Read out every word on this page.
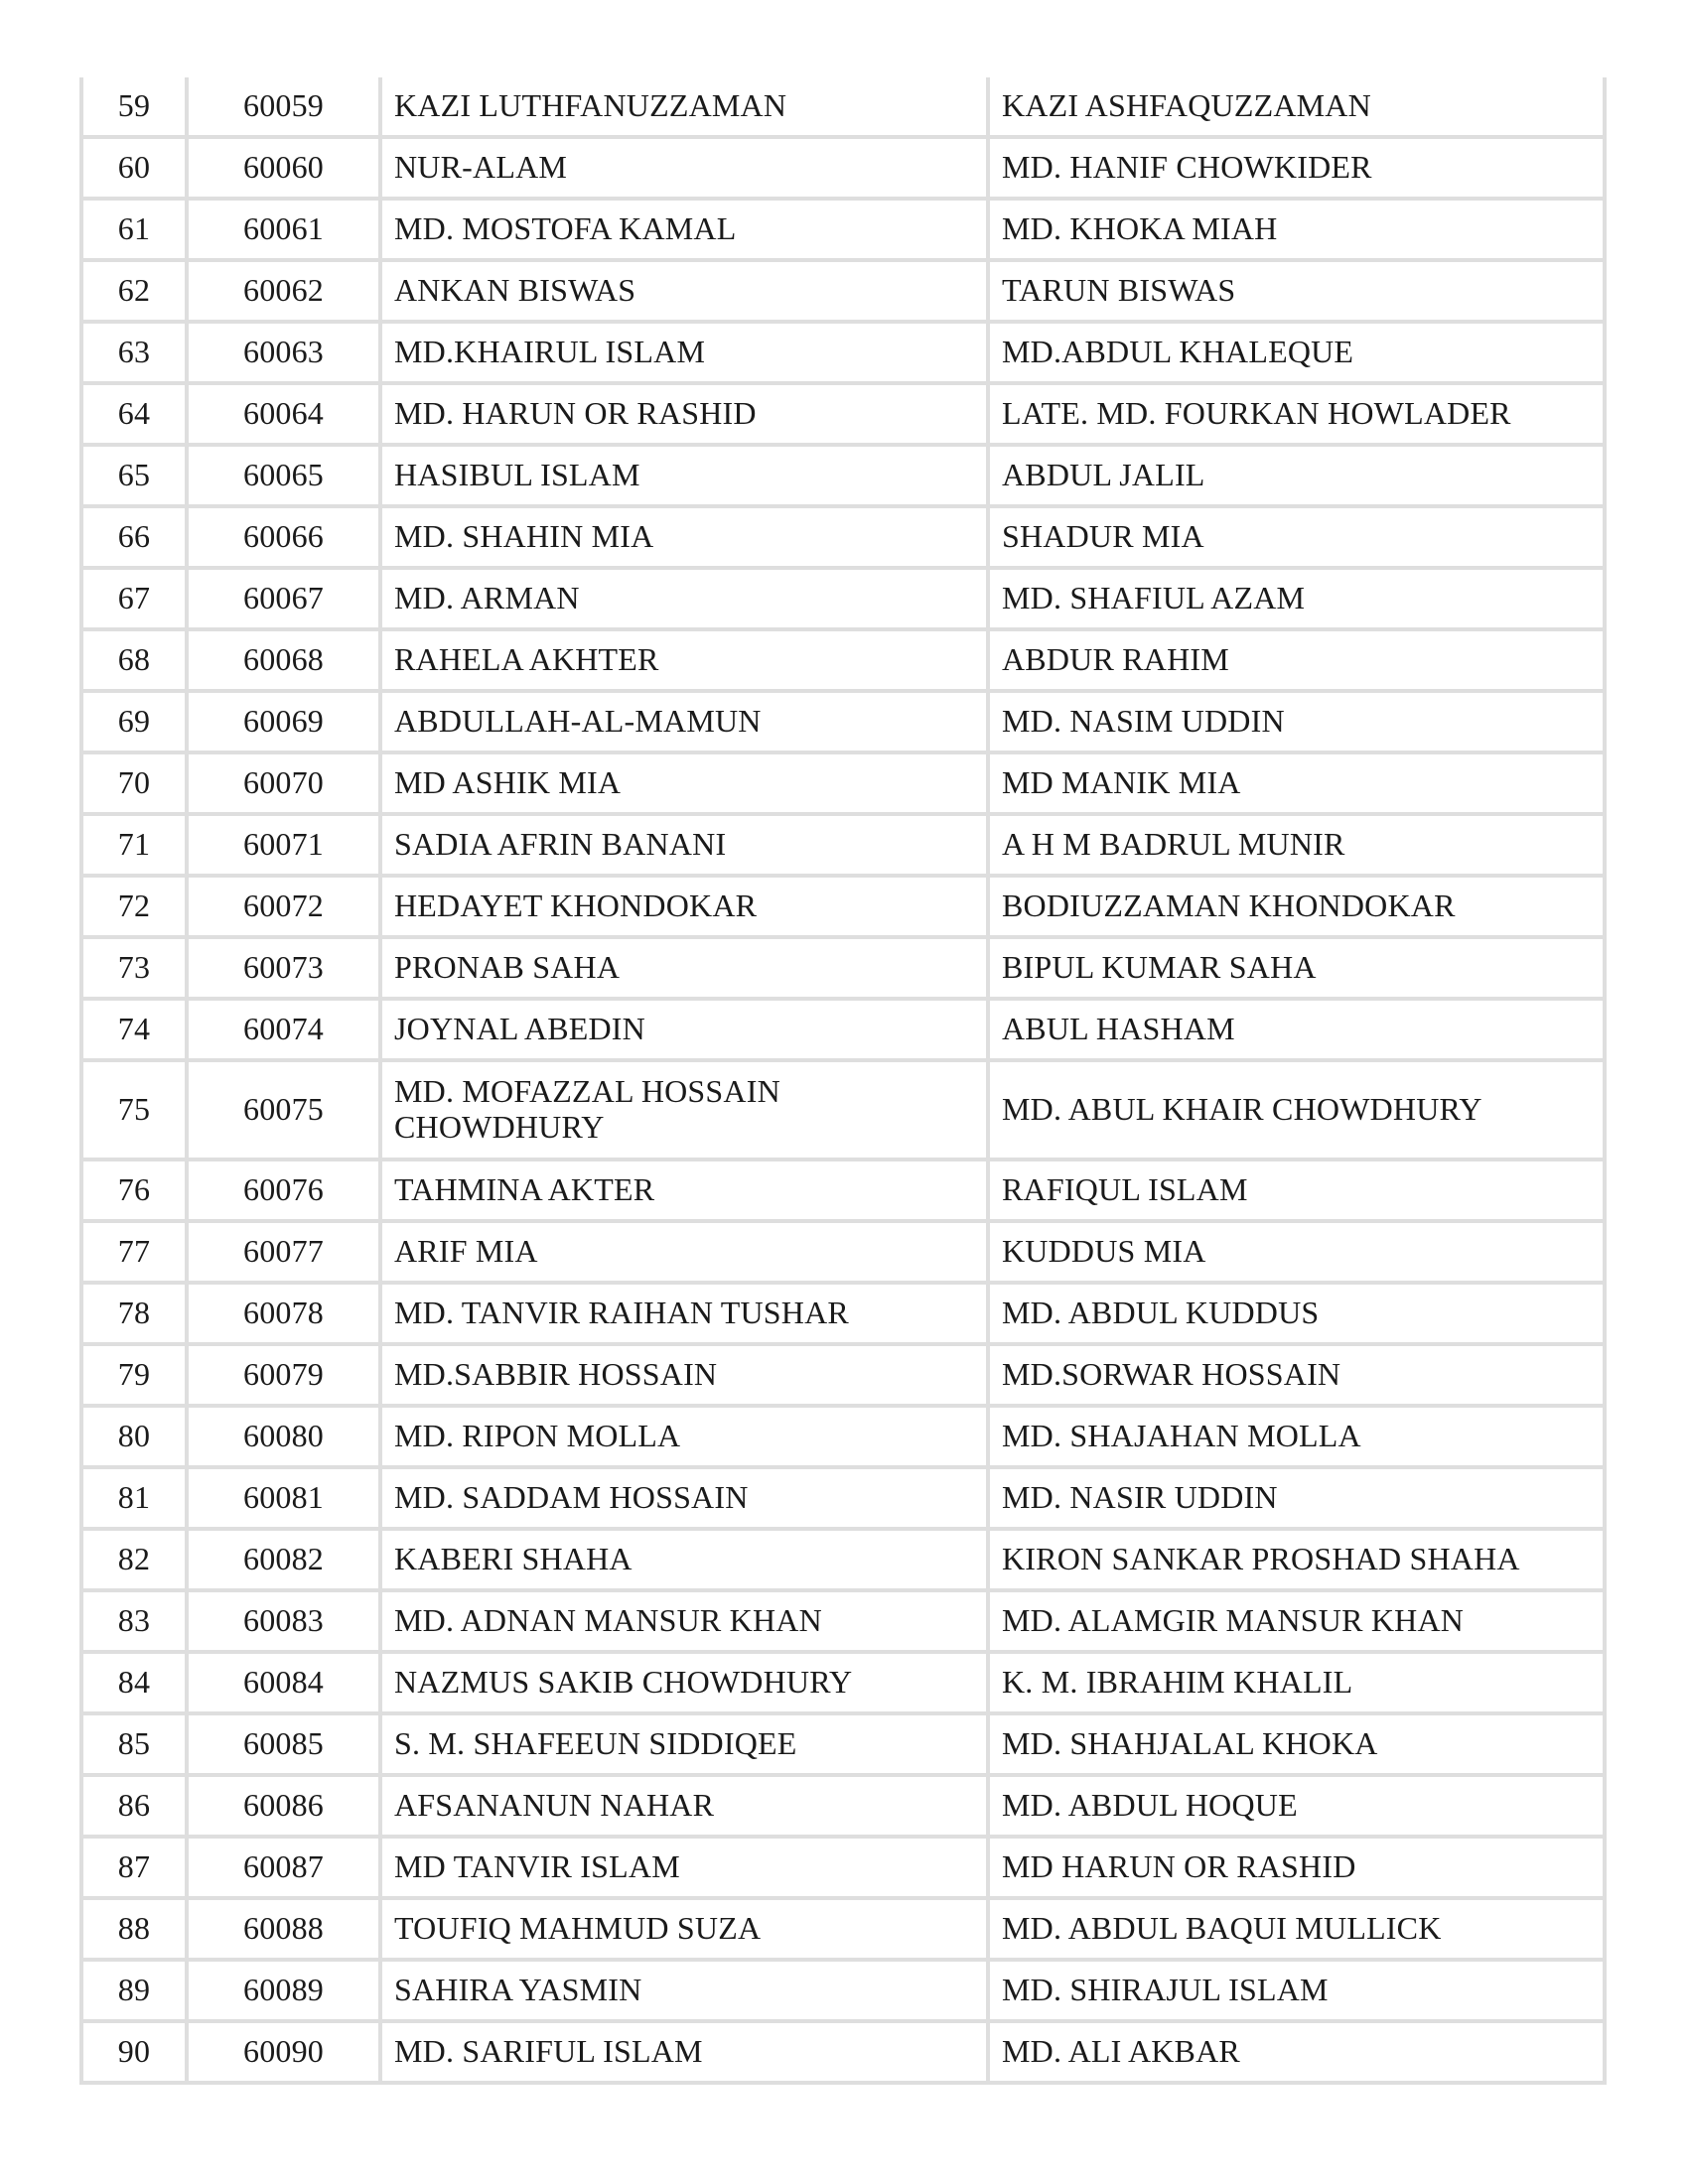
59	60059	KAZI LUTHFANUZZAMAN	KAZI ASHFAQUZZAMAN
60	60060	NUR-ALAM	MD. HANIF CHOWKIDER
61	60061	MD. MOSTOFA KAMAL	MD. KHOKA MIAH
62	60062	ANKAN BISWAS	TARUN BISWAS
63	60063	MD.KHAIRUL ISLAM	MD.ABDUL KHALEQUE
64	60064	MD. HARUN OR RASHID	LATE. MD. FOURKAN HOWLADER
65	60065	HASIBUL ISLAM	ABDUL JALIL
66	60066	MD. SHAHIN MIA	SHADUR MIA
67	60067	MD. ARMAN	MD. SHAFIUL AZAM
68	60068	RAHELA AKHTER	ABDUR RAHIM
69	60069	ABDULLAH-AL-MAMUN	MD. NASIM UDDIN
70	60070	MD ASHIK MIA	MD MANIK MIA
71	60071	SADIA AFRIN BANANI	A H M BADRUL MUNIR
72	60072	HEDAYET KHONDOKAR	BODIUZZAMAN KHONDOKAR
73	60073	PRONAB SAHA	BIPUL KUMAR SAHA
74	60074	JOYNAL ABEDIN	ABUL HASHAM
75	60075	MD. MOFAZZAL HOSSAIN CHOWDHURY	MD. ABUL KHAIR CHOWDHURY
76	60076	TAHMINA AKTER	RAFIQUL ISLAM
77	60077	ARIF MIA	KUDDUS MIA
78	60078	MD. TANVIR RAIHAN TUSHAR	MD. ABDUL KUDDUS
79	60079	MD.SABBIR HOSSAIN	MD.SORWAR HOSSAIN
80	60080	MD. RIPON MOLLA	MD. SHAJAHAN MOLLA
81	60081	MD. SADDAM HOSSAIN	MD. NASIR UDDIN
82	60082	KABERI SHAHA	KIRON SANKAR PROSHAD SHAHA
83	60083	MD. ADNAN MANSUR KHAN	MD. ALAMGIR MANSUR KHAN
84	60084	NAZMUS SAKIB CHOWDHURY	K. M. IBRAHIM KHALIL
85	60085	S. M. SHAFEEUN SIDDIQEE	MD. SHAHJALAL KHOKA
86	60086	AFSANANUN NAHAR	MD. ABDUL HOQUE
87	60087	MD TANVIR ISLAM	MD HARUN OR RASHID
88	60088	TOUFIQ MAHMUD SUZA	MD. ABDUL BAQUI MULLICK
89	60089	SAHIRA YASMIN	MD. SHIRAJUL ISLAM
90	60090	MD. SARIFUL ISLAM	MD. ALI AKBAR
